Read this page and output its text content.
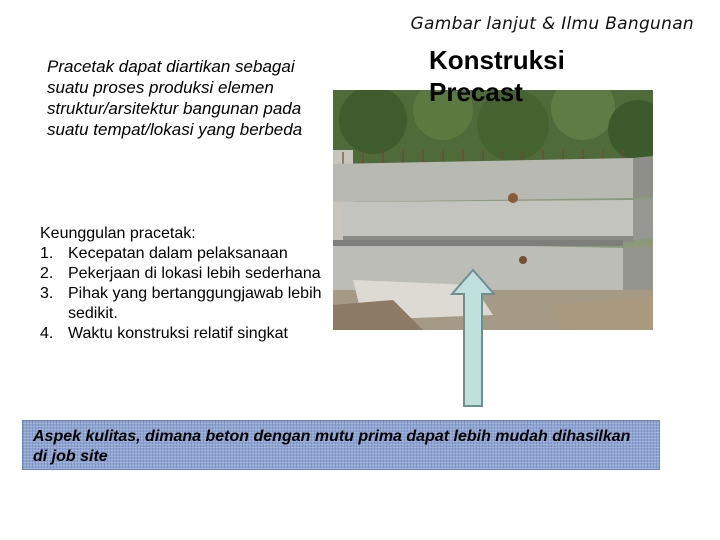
Gambar lanjut & Ilmu Bangunan

Pracetak dapat diartikan sebagai suatu proses produksi elemen struktur/arsitektur bangunan pada suatu tempat/lokasi yang berbeda

Konstruksi
Precast

Keunggulan pracetak:

1. Kecepatan dalam pelaksanaan
2. Pekerjaan di lokasi lebih sederhana
3. Pihak yang bertanggungjawab lebih sedikit.
4. Waktu konstruksi relatif singkat

Aspek kulitas, dimana beton dengan mutu prima dapat lebih mudah dihasilkan di job site
